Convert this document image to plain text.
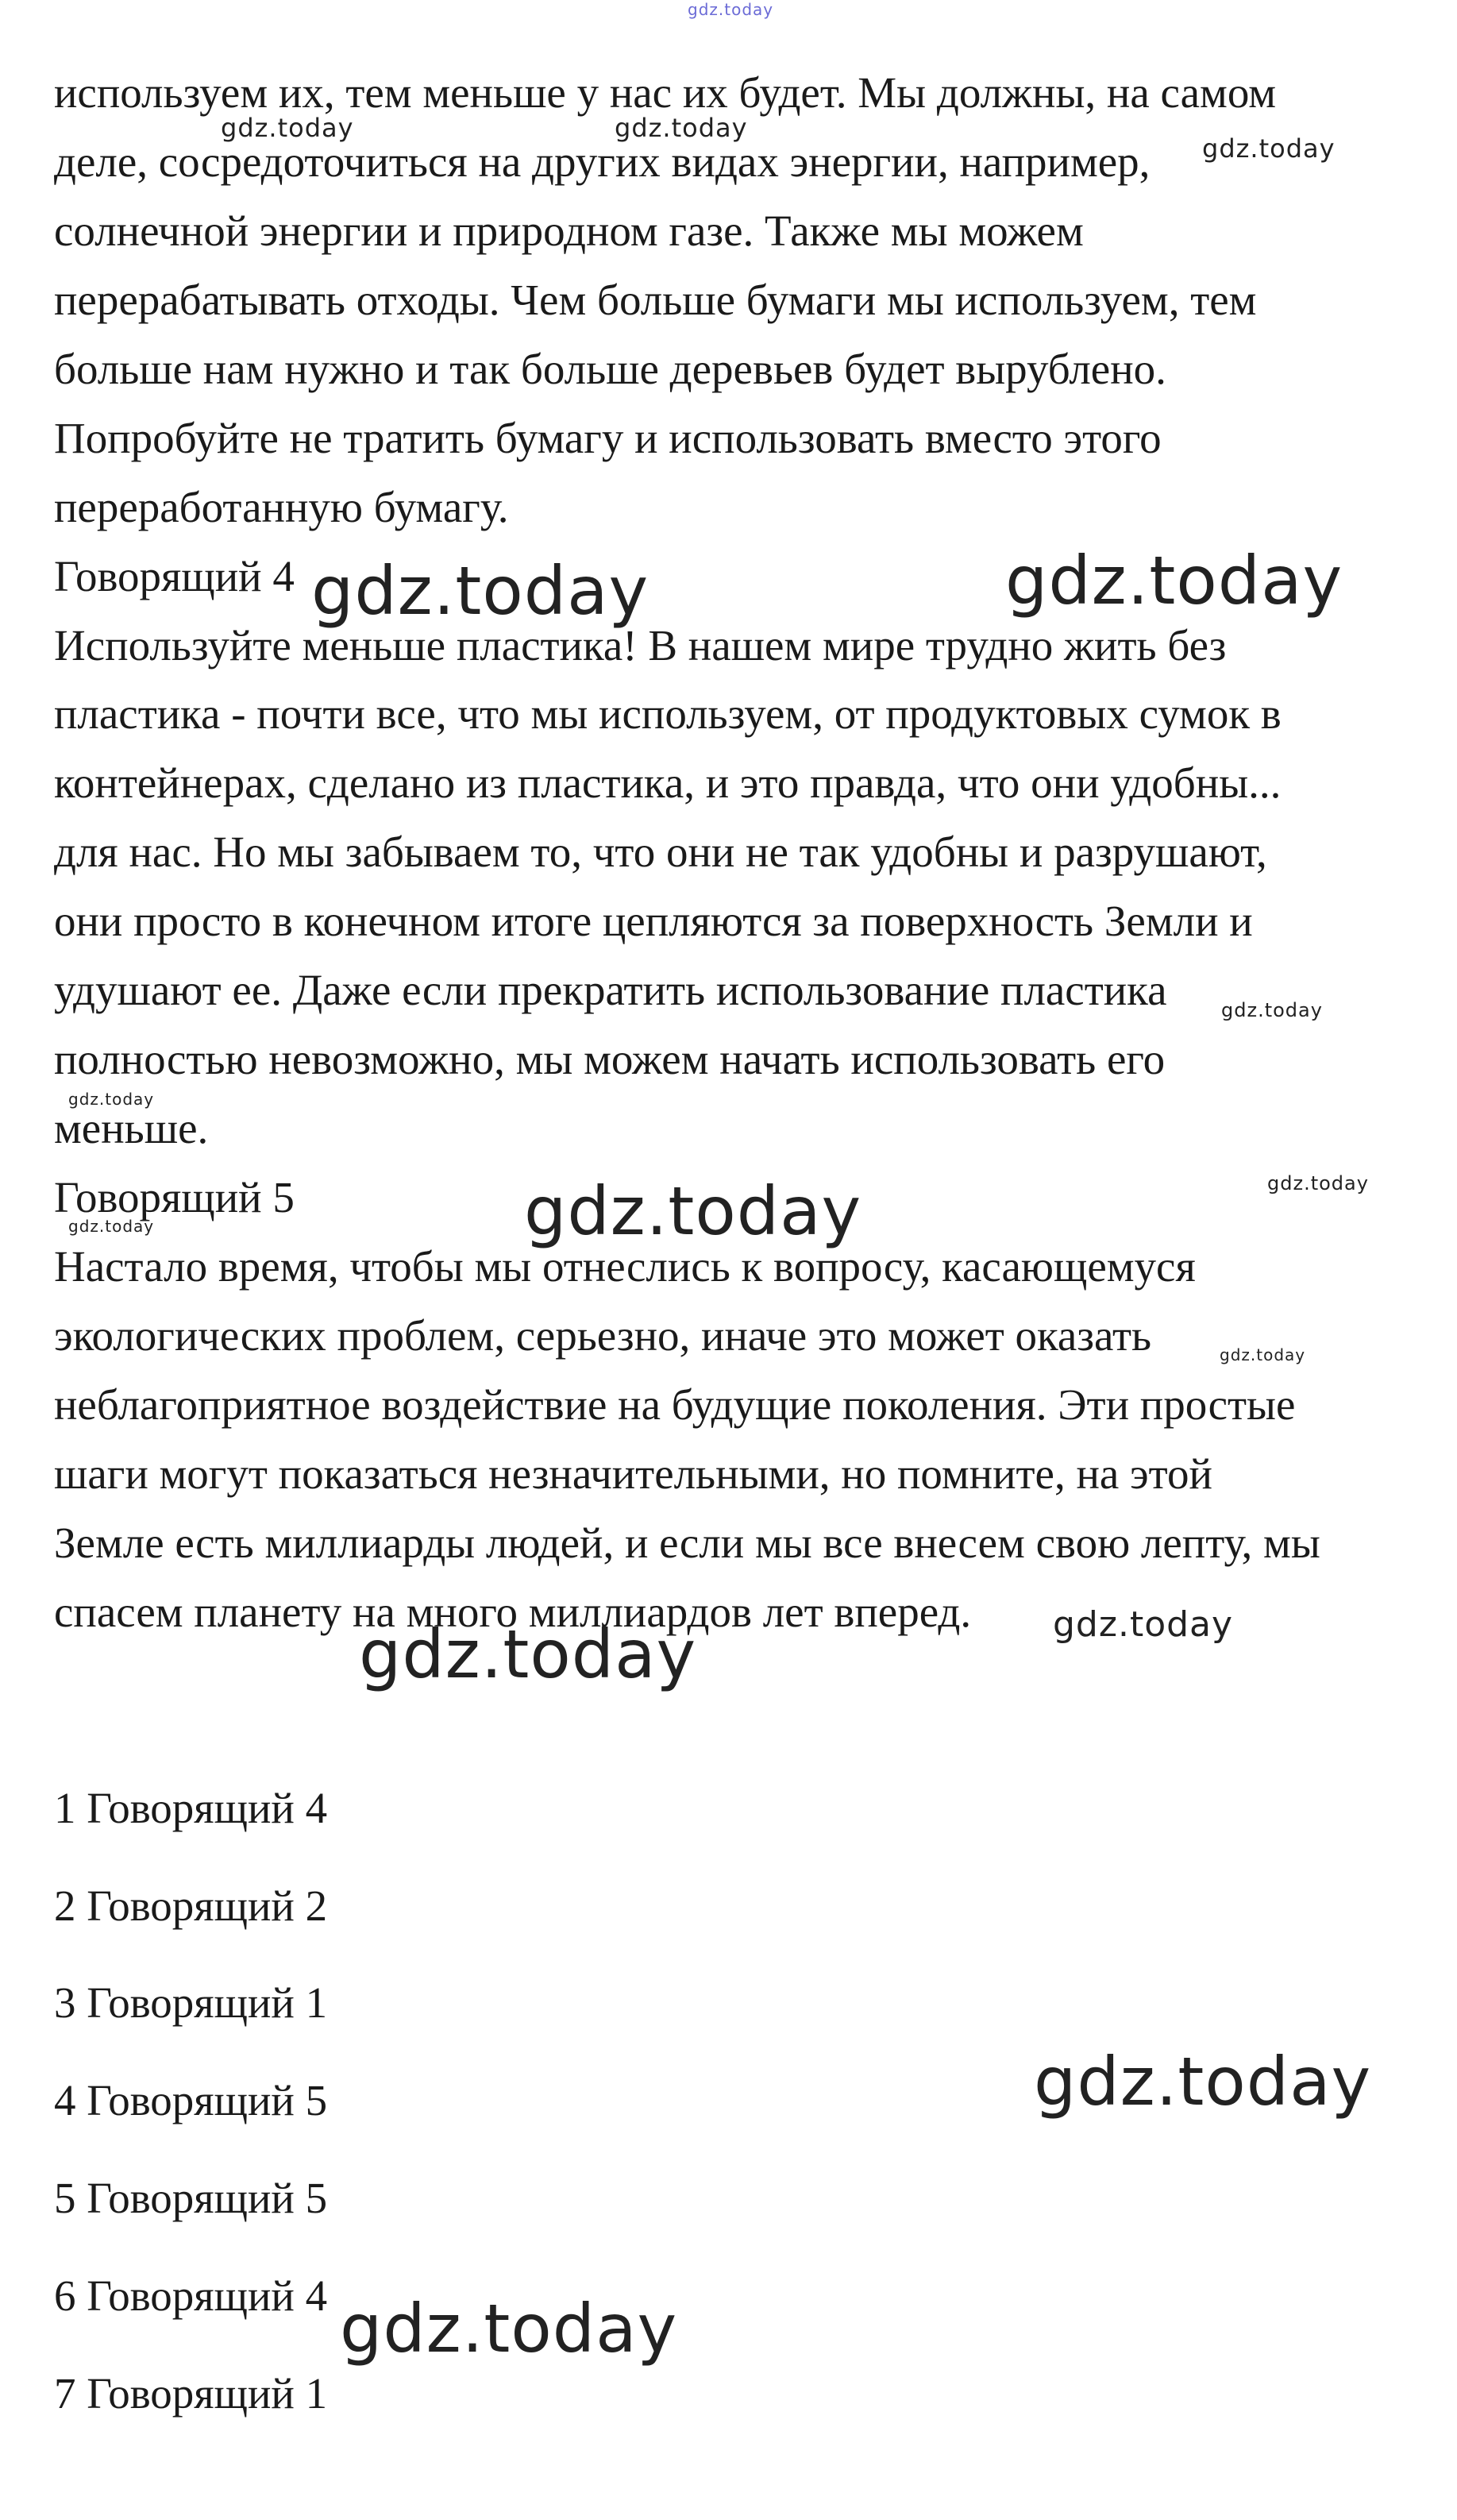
gdz.today
используем их, тем меньше у нас их будет. Мы должны, на самом
деле, сосредоточиться на других видах энергии, например,
солнечной энергии и природном газе. Также мы можем
перерабатывать отходы. Чем больше бумаги мы используем, тем
больше нам нужно и так больше деревьев будет вырублено.
Попробуйте не тратить бумагу и использовать вместо этого
переработанную бумагу.
Говорящий 4
Используйте меньше пластика! В нашем мире трудно жить без
пластика - почти все, что мы используем, от продуктовых сумок в
контейнерах, сделано из пластика, и это правда, что они удобны...
для нас. Но мы забываем то, что они не так удобны и разрушают,
они просто в конечном итоге цепляются за поверхность Земли и
удушают ее. Даже если прекратить использование пластика
полностью невозможно, мы можем начать использовать его
меньше.
Говорящий 5
Настало время, чтобы мы отнеслись к вопросу, касающемуся
экологических проблем, серьезно, иначе это может оказать
неблагоприятное воздействие на будущие поколения. Эти простые
шаги могут показаться незначительными, но помните, на этой
Земле есть миллиарды людей, и если мы все внесем свою лепту, мы
спасем планету на много миллиардов лет вперед.
1 Говорящий 4
2 Говорящий 2
3 Говорящий 1
4 Говорящий 5
5 Говорящий 5
6 Говорящий 4
7 Говорящий 1
gdz.today	gdz.today
gdz.today
gdz.today	gdz.today
gdz.today
gdz.today
gdz.today
gdz.today
gdz.today
gdz.today
gdz.today
gdz.today
gdz.today
gdz.today
